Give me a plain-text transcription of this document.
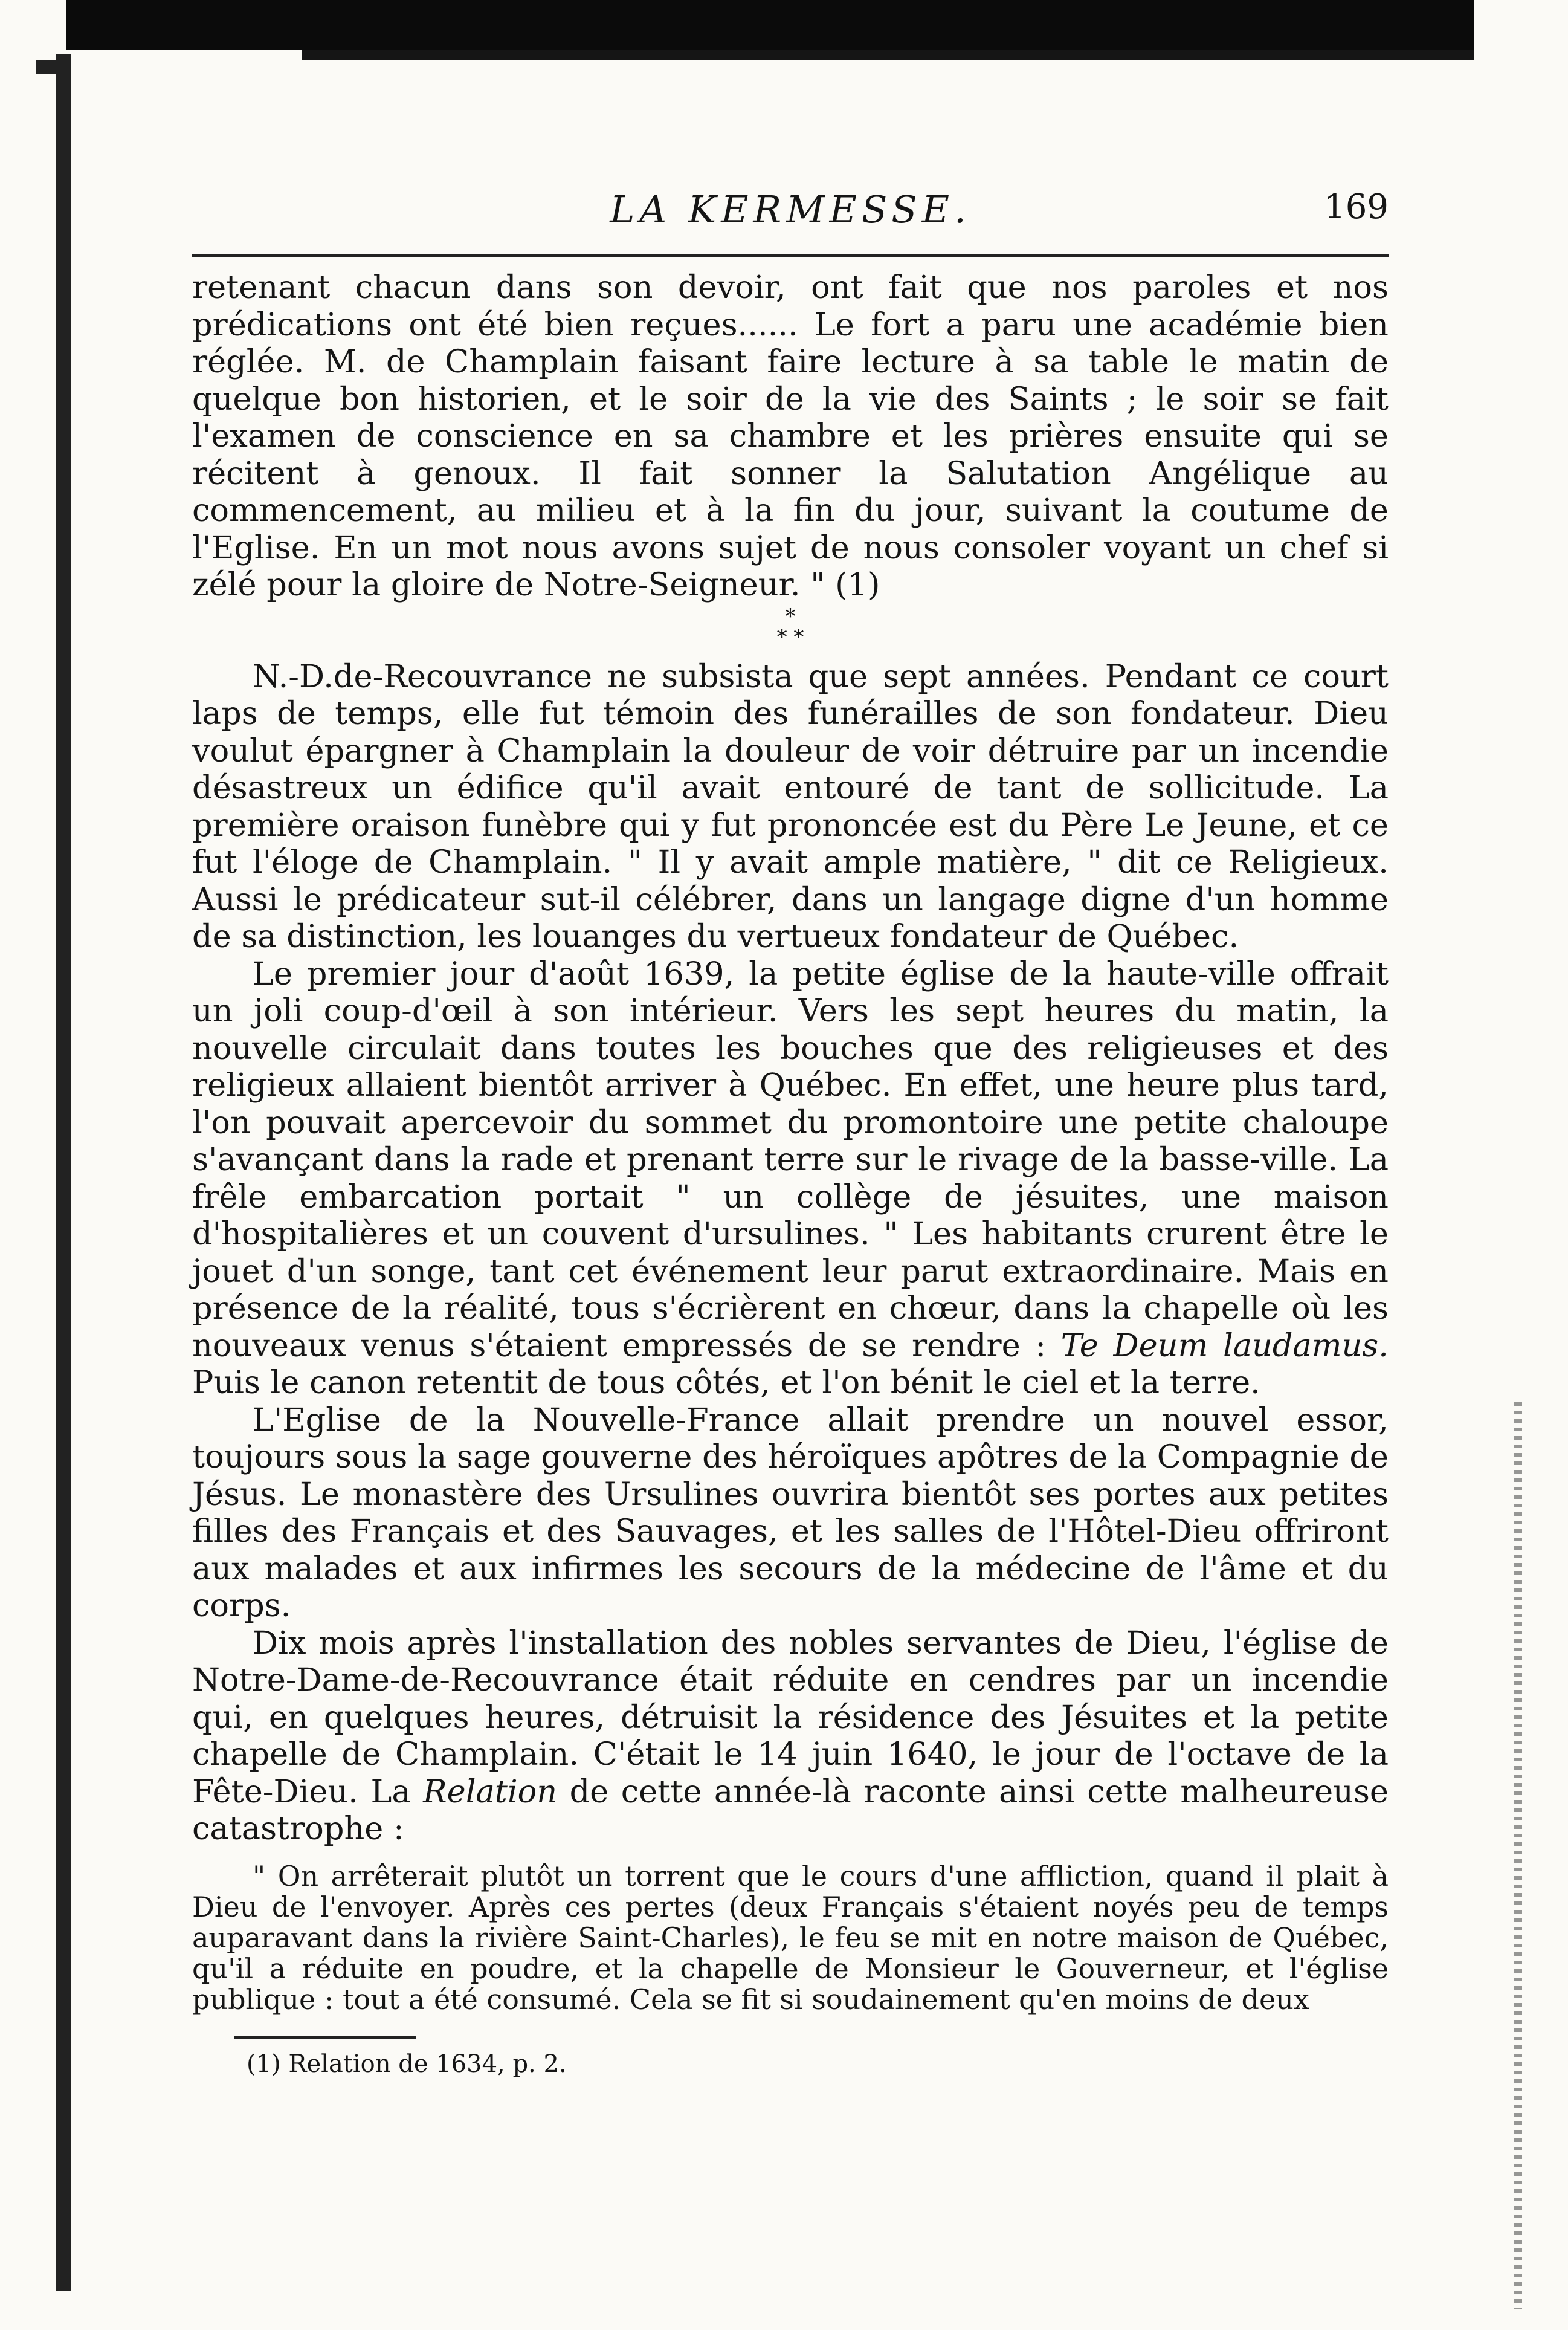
LA KERMESSE.	169

retenant chacun dans son devoir, ont fait que nos paroles et nos prédications ont été bien reçues...... Le fort a paru une académie bien réglée. M. de Champlain faisant faire lecture à sa table le matin de quelque bon historien, et le soir de la vie des Saints ; le soir se fait l'examen de conscience en sa chambre et les prières ensuite qui se récitent à genoux. Il fait sonner la Salutation Angélique au commencement, au milieu et à la fin du jour, suivant la coutume de l'Eglise. En un mot nous avons sujet de nous consoler voyant un chef si zélé pour la gloire de Notre-Seigneur. " (1)

*
* *

N.-D.de-Recouvrance ne subsista que sept années. Pendant ce court laps de temps, elle fut témoin des funérailles de son fondateur. Dieu voulut épargner à Champlain la douleur de voir détruire par un incendie désastreux un édifice qu'il avait entouré de tant de sollicitude. La première oraison funèbre qui y fut prononcée est du Père Le Jeune, et ce fut l'éloge de Champlain. " Il y avait ample matière, " dit ce Religieux. Aussi le prédicateur sut-il célébrer, dans un langage digne d'un homme de sa distinction, les louanges du vertueux fondateur de Québec.

Le premier jour d'août 1639, la petite église de la haute-ville offrait un joli coup-d'œil à son intérieur. Vers les sept heures du matin, la nouvelle circulait dans toutes les bouches que des religieuses et des religieux allaient bientôt arriver à Québec. En effet, une heure plus tard, l'on pouvait apercevoir du sommet du promontoire une petite chaloupe s'avançant dans la rade et prenant terre sur le rivage de la basse-ville. La frêle embarcation portait " un collège de jésuites, une maison d'hospitalières et un couvent d'ursulines. " Les habitants crurent être le jouet d'un songe, tant cet événement leur parut extraordinaire. Mais en présence de la réalité, tous s'écrièrent en chœur, dans la chapelle où les nouveaux venus s'étaient empressés de se rendre : Te Deum laudamus. Puis le canon retentit de tous côtés, et l'on bénit le ciel et la terre.

L'Eglise de la Nouvelle-France allait prendre un nouvel essor, toujours sous la sage gouverne des héroïques apôtres de la Compagnie de Jésus. Le monastère des Ursulines ouvrira bientôt ses portes aux petites filles des Français et des Sauvages, et les salles de l'Hôtel-Dieu offriront aux malades et aux infirmes les secours de la médecine de l'âme et du corps.

Dix mois après l'installation des nobles servantes de Dieu, l'église de Notre-Dame-de-Recouvrance était réduite en cendres par un incendie qui, en quelques heures, détruisit la résidence des Jésuites et la petite chapelle de Champlain. C'était le 14 juin 1640, le jour de l'octave de la Fête-Dieu. La Relation de cette année-là raconte ainsi cette malheureuse catastrophe :

" On arrêterait plutôt un torrent que le cours d'une affliction, quand il plait à Dieu de l'envoyer. Après ces pertes (deux Français s'étaient noyés peu de temps auparavant dans la rivière Saint-Charles), le feu se mit en notre maison de Québec, qu'il a réduite en poudre, et la chapelle de Monsieur le Gouverneur, et l'église publique : tout a été consumé. Cela se fit si soudainement qu'en moins de deux

(1) Relation de 1634, p. 2.
